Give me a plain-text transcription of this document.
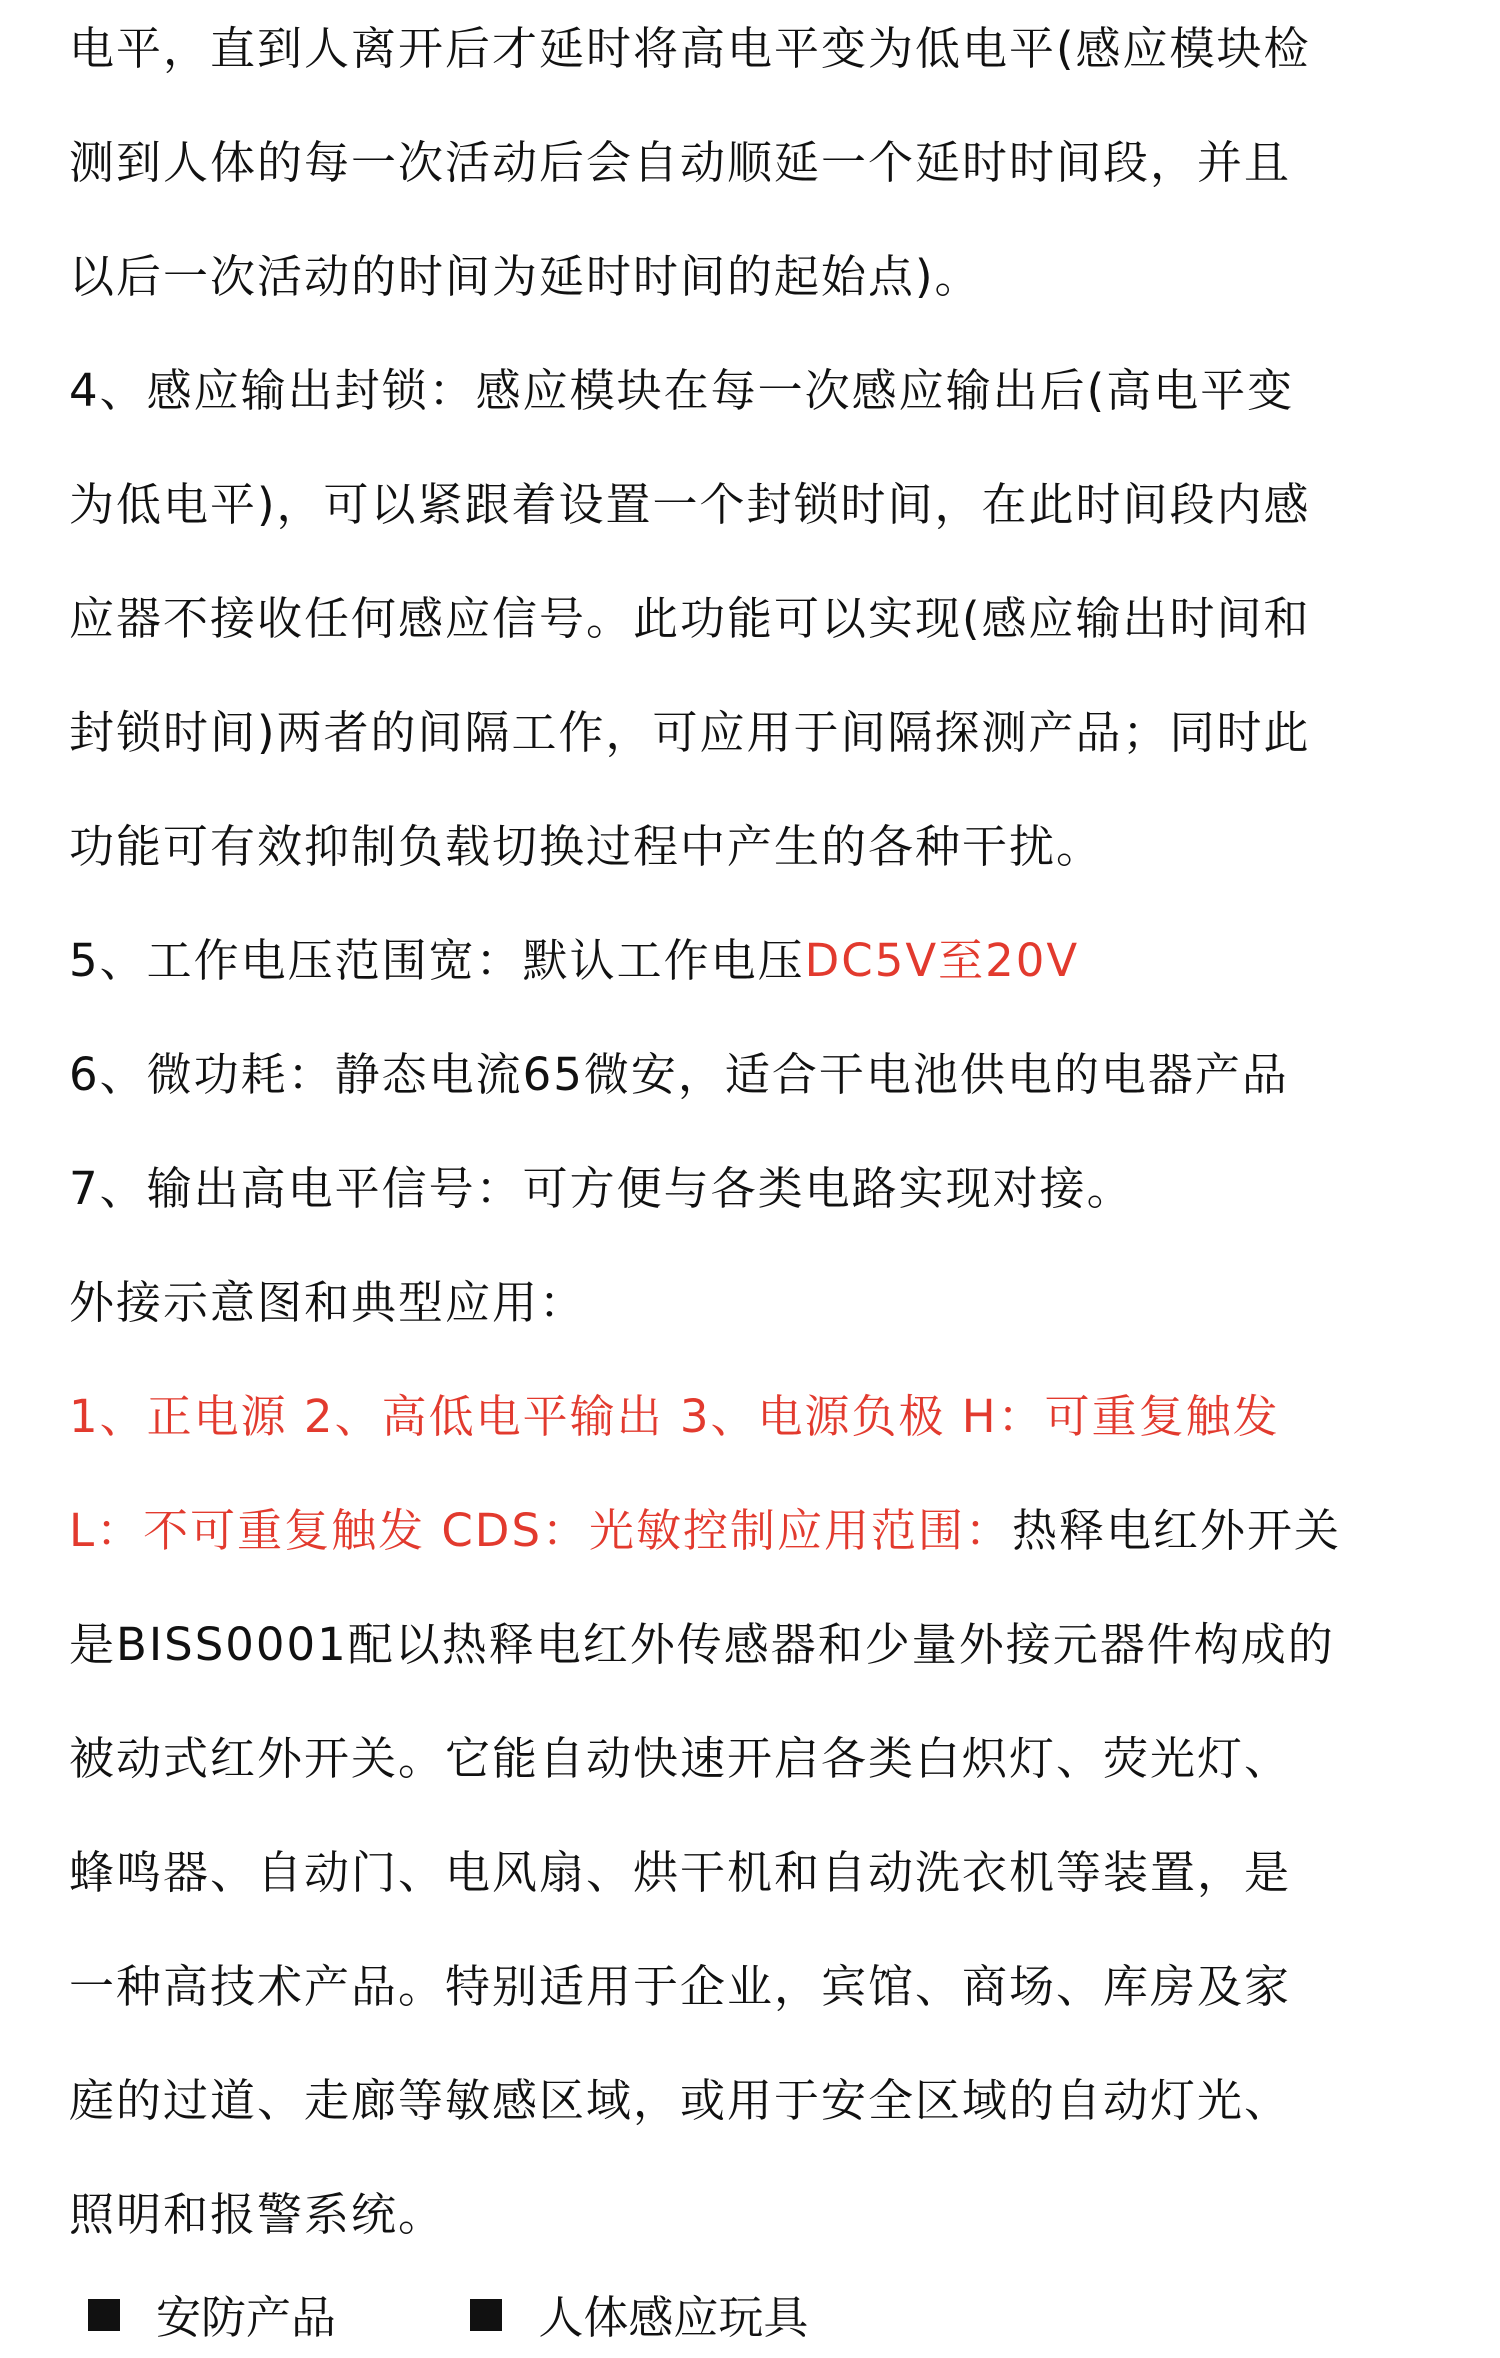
电平，直到人离开后才延时将高电平变为低电平(感应模块检
测到人体的每一次活动后会自动顺延一个延时时间段，并且
以后一次活动的时间为延时时间的起始点)。
4、感应输出封锁：感应模块在每一次感应输出后(高电平变
为低电平)，可以紧跟着设置一个封锁时间，在此时间段内感
应器不接收任何感应信号。此功能可以实现(感应输出时间和
封锁时间)两者的间隔工作，可应用于间隔探测产品；同时此
功能可有效抑制负载切换过程中产生的各种干扰。
5、工作电压范围宽：默认工作电压DC5V至20V
6、微功耗：静态电流65微安，适合干电池供电的电器产品
7、输出高电平信号：可方便与各类电路实现对接。
外接示意图和典型应用：
1、正电源 2、高低电平输出 3、电源负极 H：可重复触发
L：不可重复触发 CDS：光敏控制应用范围：热释电红外开关
是BISS0001配以热释电红外传感器和少量外接元器件构成的
被动式红外开关。它能自动快速开启各类白炽灯、荧光灯、
蜂鸣器、自动门、电风扇、烘干机和自动洗衣机等装置，是
一种高技术产品。特别适用于企业，宾馆、商场、库房及家
庭的过道、走廊等敏感区域，或用于安全区域的自动灯光、
照明和报警系统。
安防产品	人体感应玩具
